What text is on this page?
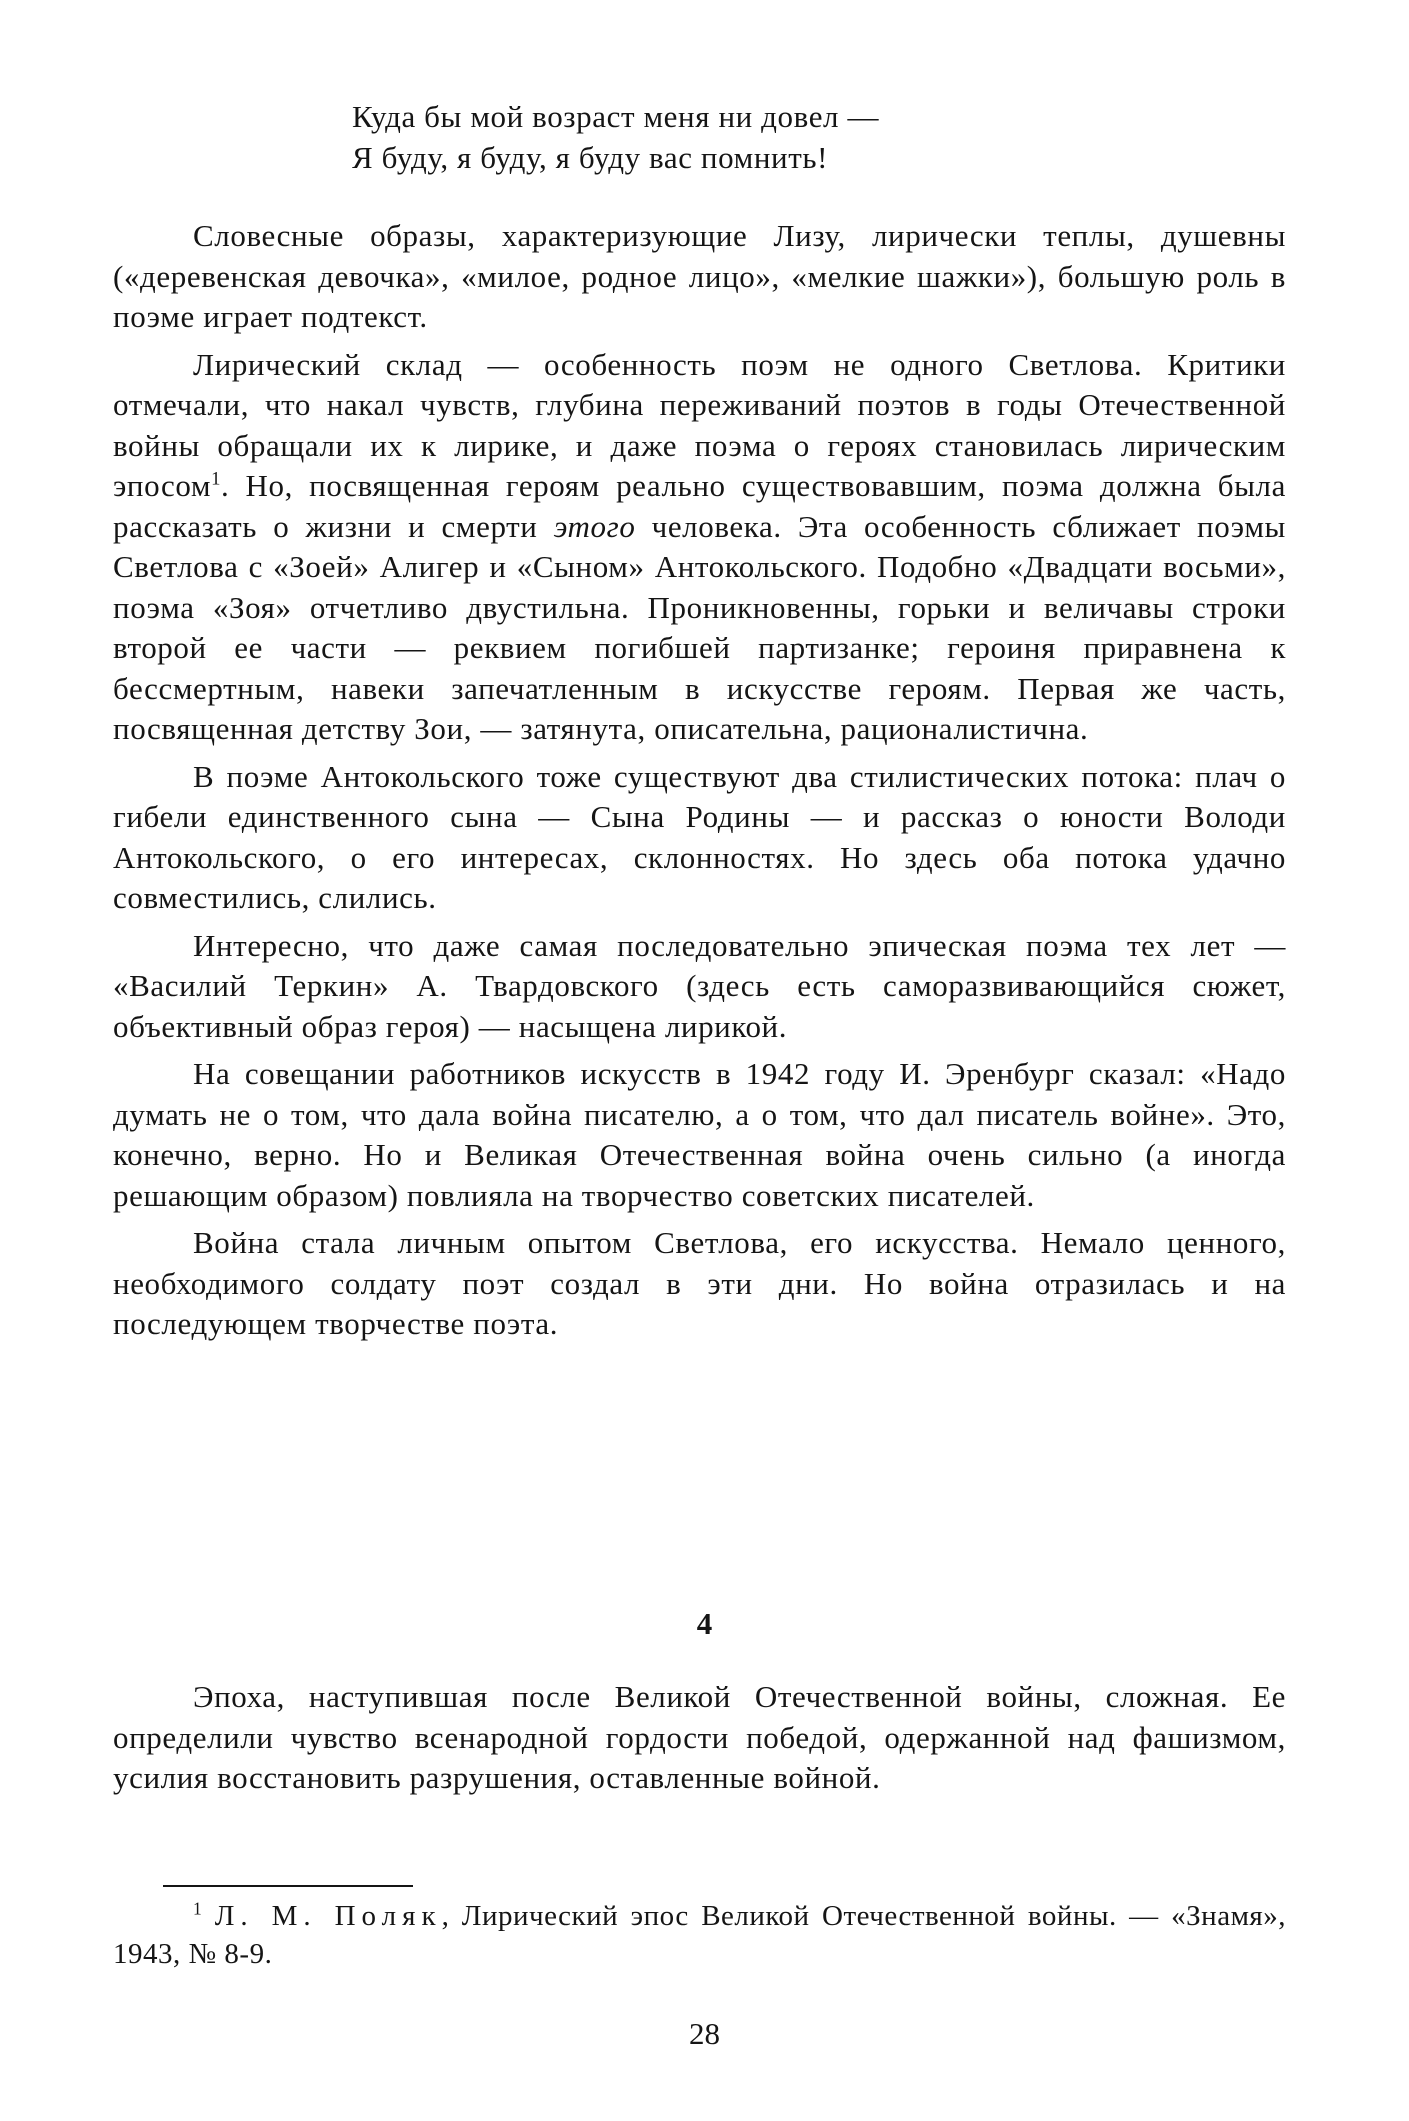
Куда бы мой возраст меня ни довел —
Я буду, я буду, я буду вас помнить!

Словесные образы, характеризующие Лизу, лирически теплы, душевны («деревенская девочка», «милое, родное лицо», «мелкие шажки»), большую роль в поэме играет подтекст.

Лирический склад — особенность поэм не одного Светлова. Критики отмечали, что накал чувств, глубина переживаний поэтов в годы Отечественной войны обращали их к лирике, и даже поэма о героях становилась лирическим эпосом$^1$. Но, посвященная героям реально существовавшим, поэма должна была рассказать о жизни и смерти этого человека. Эта особенность сближает поэмы Светлова с «Зоей» Алигер и «Сыном» Антокольского. Подобно «Двадцати восьми», поэма «Зоя» отчетливо двустильна. Проникновенны, горьки и величавы строки второй ее части — реквием погибшей партизанке; героиня приравнена к бессмертным, навеки запечатленным в искусстве героям. Первая же часть, посвященная детству Зои, — затянута, описательна, рационалистична.

В поэме Антокольского тоже существуют два стилистических потока: плач о гибели единственного сына — Сына Родины — и рассказ о юности Володи Антокольского, о его интересах, склонностях. Но здесь оба потока удачно совместились, слились.

Интересно, что даже самая последовательно эпическая поэма тех лет — «Василий Теркин» А. Твардовского (здесь есть саморазвивающийся сюжет, объективный образ героя) — насыщена лирикой.

На совещании работников искусств в 1942 году И. Эренбург сказал: «Надо думать не о том, что дала война писателю, а о том, что дал писатель войне». Это, конечно, верно. Но и Великая Отечественная война очень сильно (а иногда решающим образом) повлияла на творчество советских писателей.

Война стала личным опытом Светлова, его искусства. Немало ценного, необходимого солдату поэт создал в эти дни. Но война отразилась и на последующем творчестве поэта.

4

Эпоха, наступившая после Великой Отечественной войны, сложная. Ее определили чувство всенародной гордости победой, одержанной над фашизмом, усилия восстановить разрушения, оставленные войной.

$^1$ Л. М. Поляк, Лирический эпос Великой Отечественной войны. — «Знамя», 1943, № 8-9.

28
